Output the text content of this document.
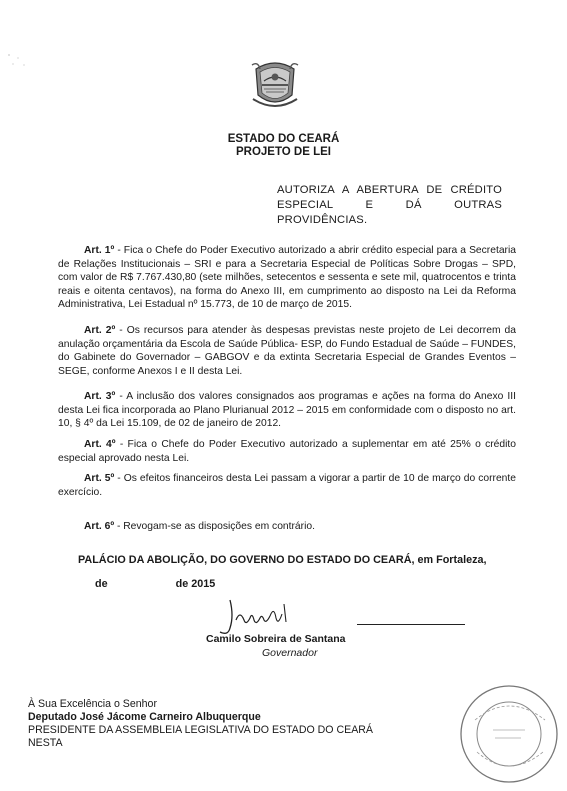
ESTADO DO CEARÁ
PROJETO DE LEI
AUTORIZA A ABERTURA DE CRÉDITO ESPECIAL E DÁ OUTRAS PROVIDÊNCIAS.
Art. 1º - Fica o Chefe do Poder Executivo autorizado a abrir crédito especial para a Secretaria de Relações Institucionais – SRI e para a Secretaria Especial de Políticas Sobre Drogas – SPD, com valor de R$ 7.767.430,80 (sete milhões, setecentos e sessenta e sete mil, quatrocentos e trinta reais e oitenta centavos), na forma do Anexo III, em cumprimento ao disposto na Lei da Reforma Administrativa, Lei Estadual nº 15.773, de 10 de março de 2015.
Art. 2º - Os recursos para atender às despesas previstas neste projeto de Lei decorrem da anulação orçamentária da Escola de Saúde Pública- ESP, do Fundo Estadual de Saúde – FUNDES, do Gabinete do Governador – GABGOV e da extinta Secretaria Especial de Grandes Eventos – SEGE, conforme Anexos I e II desta Lei.
Art. 3º - A inclusão dos valores consignados aos programas e ações na forma do Anexo III desta Lei fica incorporada ao Plano Plurianual 2012 – 2015 em conformidade com o disposto no art. 10, § 4º da Lei 15.109, de 02 de janeiro de 2012.
Art. 4º - Fica o Chefe do Poder Executivo autorizado a suplementar em até 25% o crédito especial aprovado nesta Lei.
Art. 5º - Os efeitos financeiros desta Lei passam a vigorar a partir de 10 de março do corrente exercício.
Art. 6º - Revogam-se as disposições em contrário.
PALÁCIO DA ABOLIÇÃO, DO GOVERNO DO ESTADO DO CEARÁ, em Fortaleza,
de	de 2015
Camilo Sobreira de Santana
Governador
À Sua Excelência o Senhor
Deputado José Jácome Carneiro Albuquerque
PRESIDENTE DA ASSEMBLEIA LEGISLATIVA DO ESTADO DO CEARÁ
NESTA
